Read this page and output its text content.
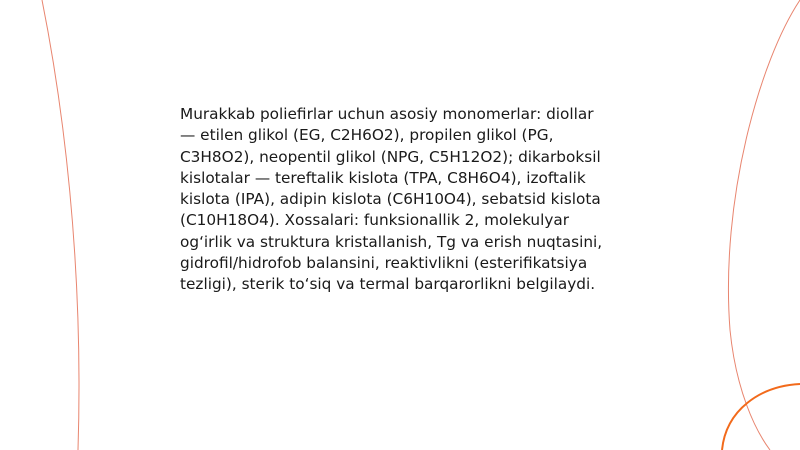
Murakkab poliefirlar uchun asosiy monomerlar: diollar — etilen glikol (EG, C2H6O2), propilen glikol (PG, C3H8O2), neopentil glikol (NPG, C5H12O2); dikarboksil kislotalar — tereftalik kislota (TPA, C8H6O4), izoftalik kislota (IPA), adipin kislota (C6H10O4), sebatsid kislota (C10H18O4). Xossalari: funksionallik 2, molekulyar og‘irlik va struktura kristallanish, Tg va erish nuqtasini, gidrofil/hidrofob balansini, reaktivlikni (esterifikatsiya tezligi), sterik to‘siq va termal barqarorlikni belgilaydi.
